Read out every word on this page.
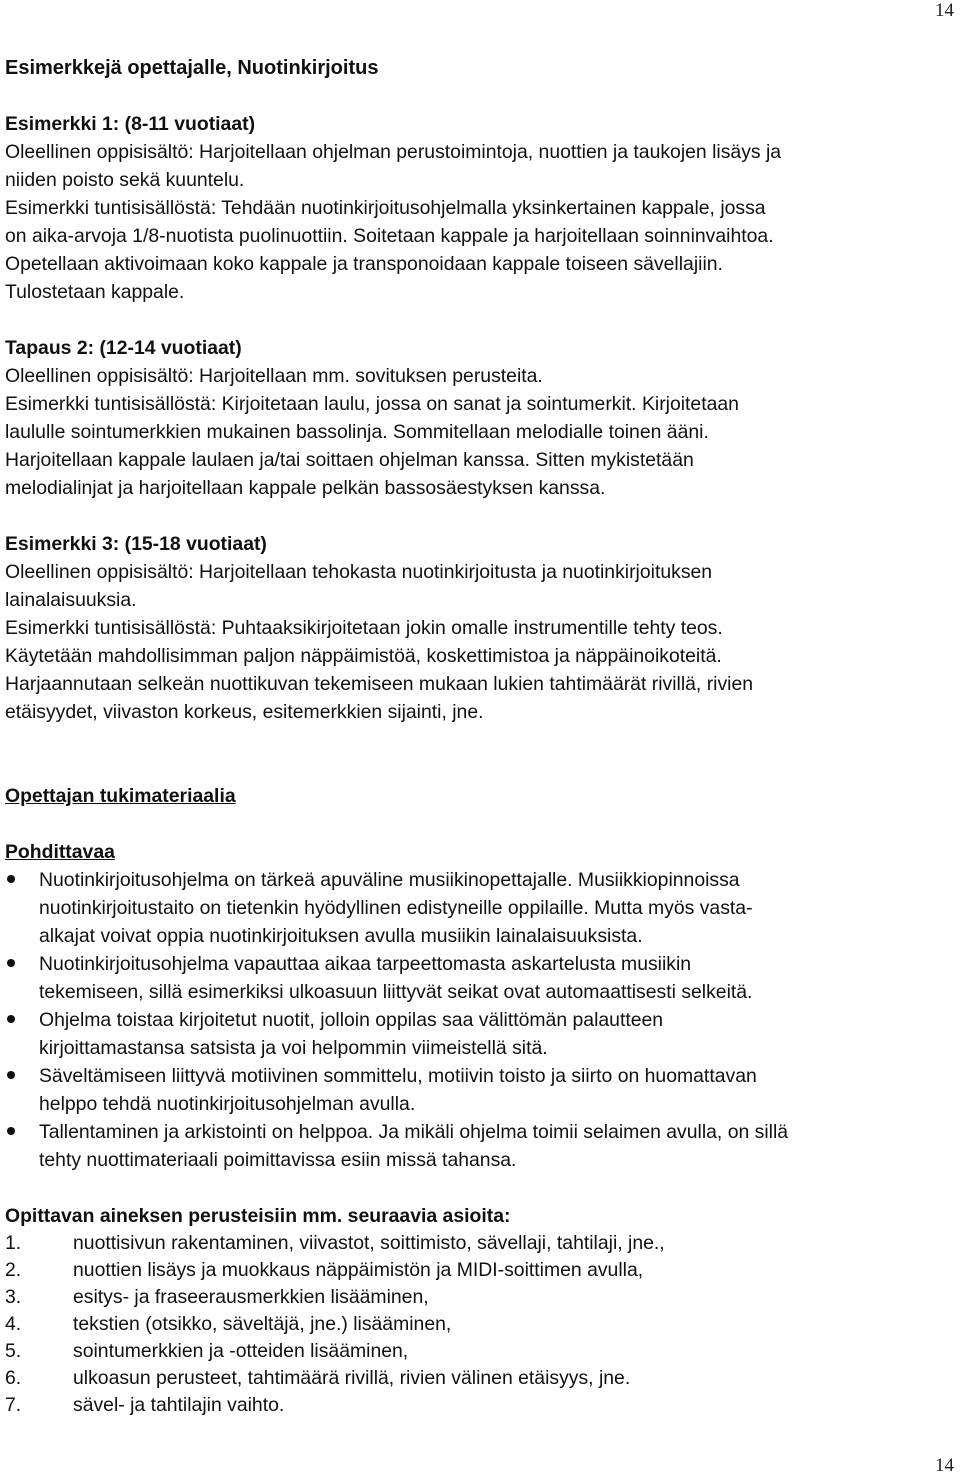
14
Esimerkkejä opettajalle, Nuotinkirjoitus
Esimerkki 1: (8-11 vuotiaat)
Oleellinen oppisisältö: Harjoitellaan ohjelman perustoimintoja, nuottien ja taukojen lisäys ja
niiden poisto sekä kuuntelu.
Esimerkki tuntisisällöstä: Tehdään nuotinkirjoitusohjelmalla yksinkertainen kappale, jossa
on aika-arvoja 1/8-nuotista puolinuottiin. Soitetaan kappale ja harjoitellaan soinninvaihtoa.
Opetellaan aktivoimaan koko kappale ja transponoidaan kappale toiseen sävellajiin.
Tulostetaan kappale.
Tapaus 2: (12-14 vuotiaat)
Oleellinen oppisisältö: Harjoitellaan mm. sovituksen perusteita.
Esimerkki tuntisisällöstä: Kirjoitetaan laulu, jossa on sanat ja sointumerkit. Kirjoitetaan
laululle sointumerkkien mukainen bassolinja. Sommitellaan melodialle toinen ääni.
Harjoitellaan kappale laulaen ja/tai soittaen ohjelman kanssa. Sitten mykistetään
melodialinjat ja harjoitellaan kappale pelkän bassosäestyksen kanssa.
Esimerkki 3: (15-18 vuotiaat)
Oleellinen oppisisältö: Harjoitellaan tehokasta nuotinkirjoitusta ja nuotinkirjoituksen
lainalaisuuksia.
Esimerkki tuntisisällöstä: Puhtaaksikirjoitetaan jokin omalle instrumentille tehty teos.
Käytetään mahdollisimman paljon näppäimistöä, koskettimistoa ja näppäinoikoteitä.
Harjaannutaan selkeän nuottikuvan tekemiseen mukaan lukien tahtimäärät rivillä, rivien
etäisyydet, viivaston korkeus, esitemerkkien sijainti, jne.
Opettajan tukimateriaalia
Pohdittavaa
Nuotinkirjoitusohjelma on tärkeä apuväline musiikinopettajalle. Musiikkiopinnoissa
nuotinkirjoitustaito on tietenkin hyödyllinen edistyneille oppilaille. Mutta myös vasta-
alkajat voivat oppia nuotinkirjoituksen avulla musiikin lainalaisuuksista.
Nuotinkirjoitusohjelma vapauttaa aikaa tarpeettomasta askartelusta musiikin
tekemiseen, sillä esimerkiksi ulkoasuun liittyvät seikat ovat automaattisesti selkeitä.
Ohjelma toistaa kirjoitetut nuotit, jolloin oppilas saa välittömän palautteen
kirjoittamastansa satsista ja voi helpommin viimeistellä sitä.
Säveltämiseen liittyvä motiivinen sommittelu, motiivin toisto ja siirto on huomattavan
helppo tehdä nuotinkirjoitusohjelman avulla.
Tallentaminen ja arkistointi on helppoa. Ja mikäli ohjelma toimii selaimen avulla, on sillä
tehty nuottimateriaali poimittavissa esiin missä tahansa.
Opittavan aineksen perusteisiin mm. seuraavia asioita:
1.	nuottisivun rakentaminen, viivastot, soittimisto, sävellaji, tahtilaji, jne.,
2.	nuottien lisäys ja muokkaus näppäimistön ja MIDI-soittimen avulla,
3.	esitys- ja fraseerausmerkkien lisääminen,
4.	tekstien (otsikko, säveltäjä, jne.) lisääminen,
5.	sointumerkkien ja -otteiden lisääminen,
6.	ulkoasun perusteet, tahtimäärä rivillä, rivien välinen etäisyys, jne.
7.	sävel- ja tahtilajin vaihto.
14
